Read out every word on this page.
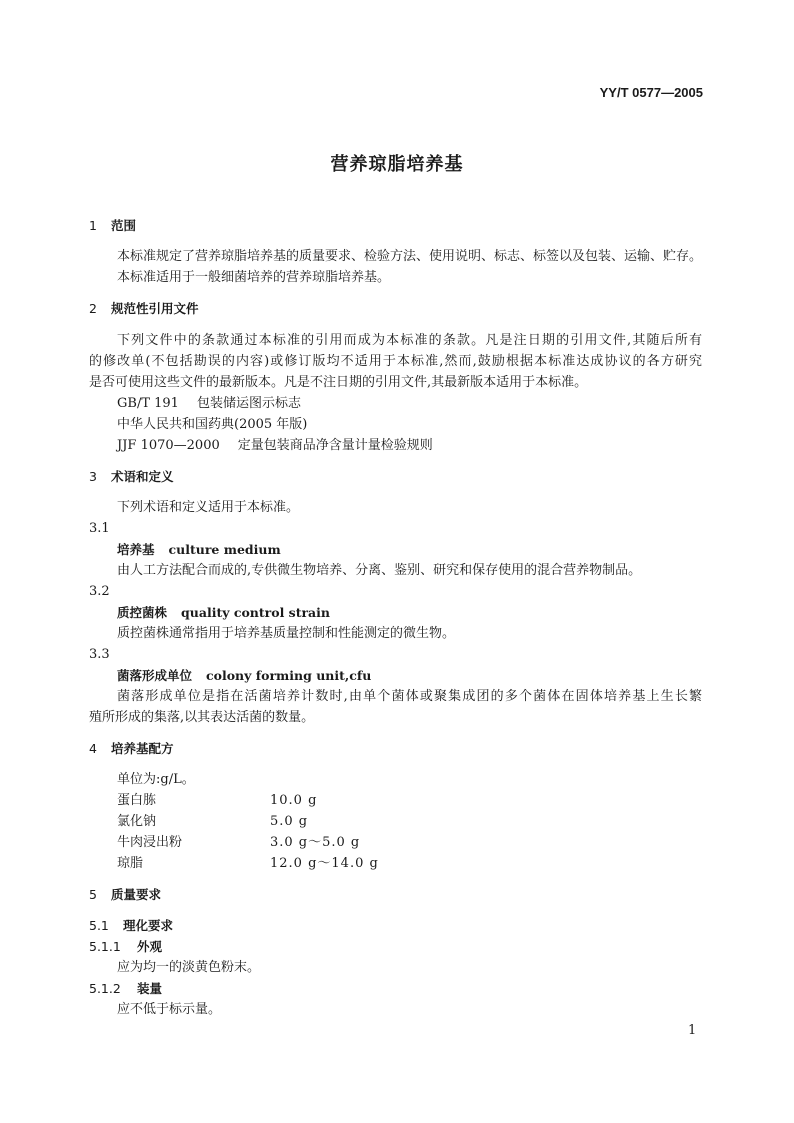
YY/T 0577—2005
营养琼脂培养基
1 范围
本标准规定了营养琼脂培养基的质量要求、检验方法、使用说明、标志、标签以及包装、运输、贮存。
本标准适用于一般细菌培养的营养琼脂培养基。
2 规范性引用文件
下列文件中的条款通过本标准的引用而成为本标准的条款。凡是注日期的引用文件,其随后所有
的修改单(不包括勘误的内容)或修订版均不适用于本标准,然而,鼓励根据本标准达成协议的各方研究
是否可使用这些文件的最新版本。凡是不注日期的引用文件,其最新版本适用于本标准。
GB/T 191 包装储运图示标志
中华人民共和国药典(2005 年版)
JJF 1070—2000 定量包装商品净含量计量检验规则
3 术语和定义
下列术语和定义适用于本标准。
3.1
培养基 culture medium
由人工方法配合而成的,专供微生物培养、分离、鉴别、研究和保存使用的混合营养物制品。
3.2
质控菌株 quality control strain
质控菌株通常指用于培养基质量控制和性能测定的微生物。
3.3
菌落形成单位 colony forming unit,cfu
菌落形成单位是指在活菌培养计数时,由单个菌体或聚集成团的多个菌体在固体培养基上生长繁
殖所形成的集落,以其表达活菌的数量。
4 培养基配方
单位为:g/L。
蛋白胨	10.0 g
氯化钠	5.0 g
牛肉浸出粉	3.0 g～5.0 g
琼脂	12.0 g～14.0 g
5 质量要求
5.1 理化要求
5.1.1 外观
应为均一的淡黄色粉末。
5.1.2 装量
应不低于标示量。
1
